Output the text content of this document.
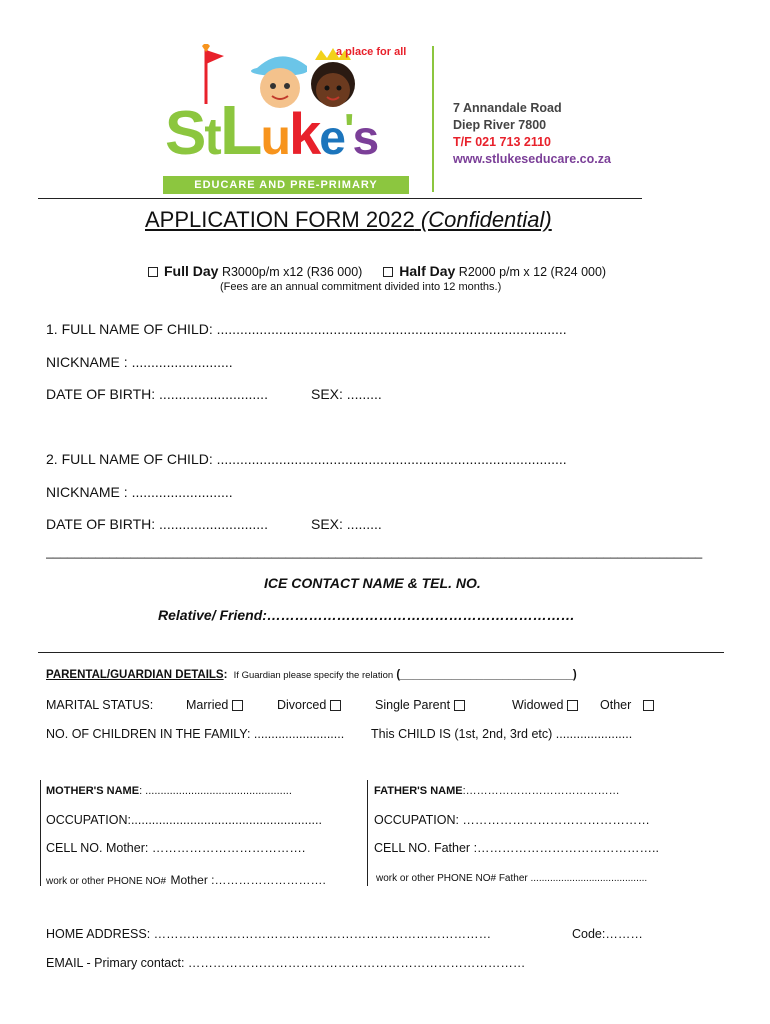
a place for all
StLuke's
EDUCARE AND PRE-PRIMARY
7 Annandale Road
Diep River 7800
T/F 021 713 2110
www.stlukeseducare.co.za
APPLICATION FORM 2022 (Confidential)
Full Day R3000p/m x12 (R36 000)	Half Day R2000 p/m x 12 (R24 000)
(Fees are an annual commitment divided into 12 months.)
1. FULL NAME OF CHILD: ..........................................................................................
NICKNAME : ..........................
DATE OF BIRTH: ............................	SEX: .........
2. FULL NAME OF CHILD: ..........................................................................................
NICKNAME : ..........................
DATE OF BIRTH: ............................	SEX: .........
_____________________________________________________________________________________________
ICE CONTACT NAME & TEL. NO.
Relative/ Friend:…………………………………………………………
PARENTAL/GUARDIAN DETAILS: If Guardian please specify the relation (___________________________)
MARITAL STATUS:	Married	Divorced	Single Parent	Widowed	Other
NO. OF CHILDREN IN THE FAMILY: .......................... This CHILD IS (1st, 2nd, 3rd etc) ......................
MOTHER'S NAME: ................................................	FATHER'S NAME:……………………………………
OCCUPATION:.......................................................	OCCUPATION: ………………………………………
CELL NO. Mother: ……………………………….	CELL NO. Father :……………………………………..
work or other PHONE NO# Mother :……………………….	work or other PHONE NO# Father ..........................................
HOME ADDRESS: ………………………………………………………………………	Code:………
EMAIL - Primary contact: ………………………………………………………………………
